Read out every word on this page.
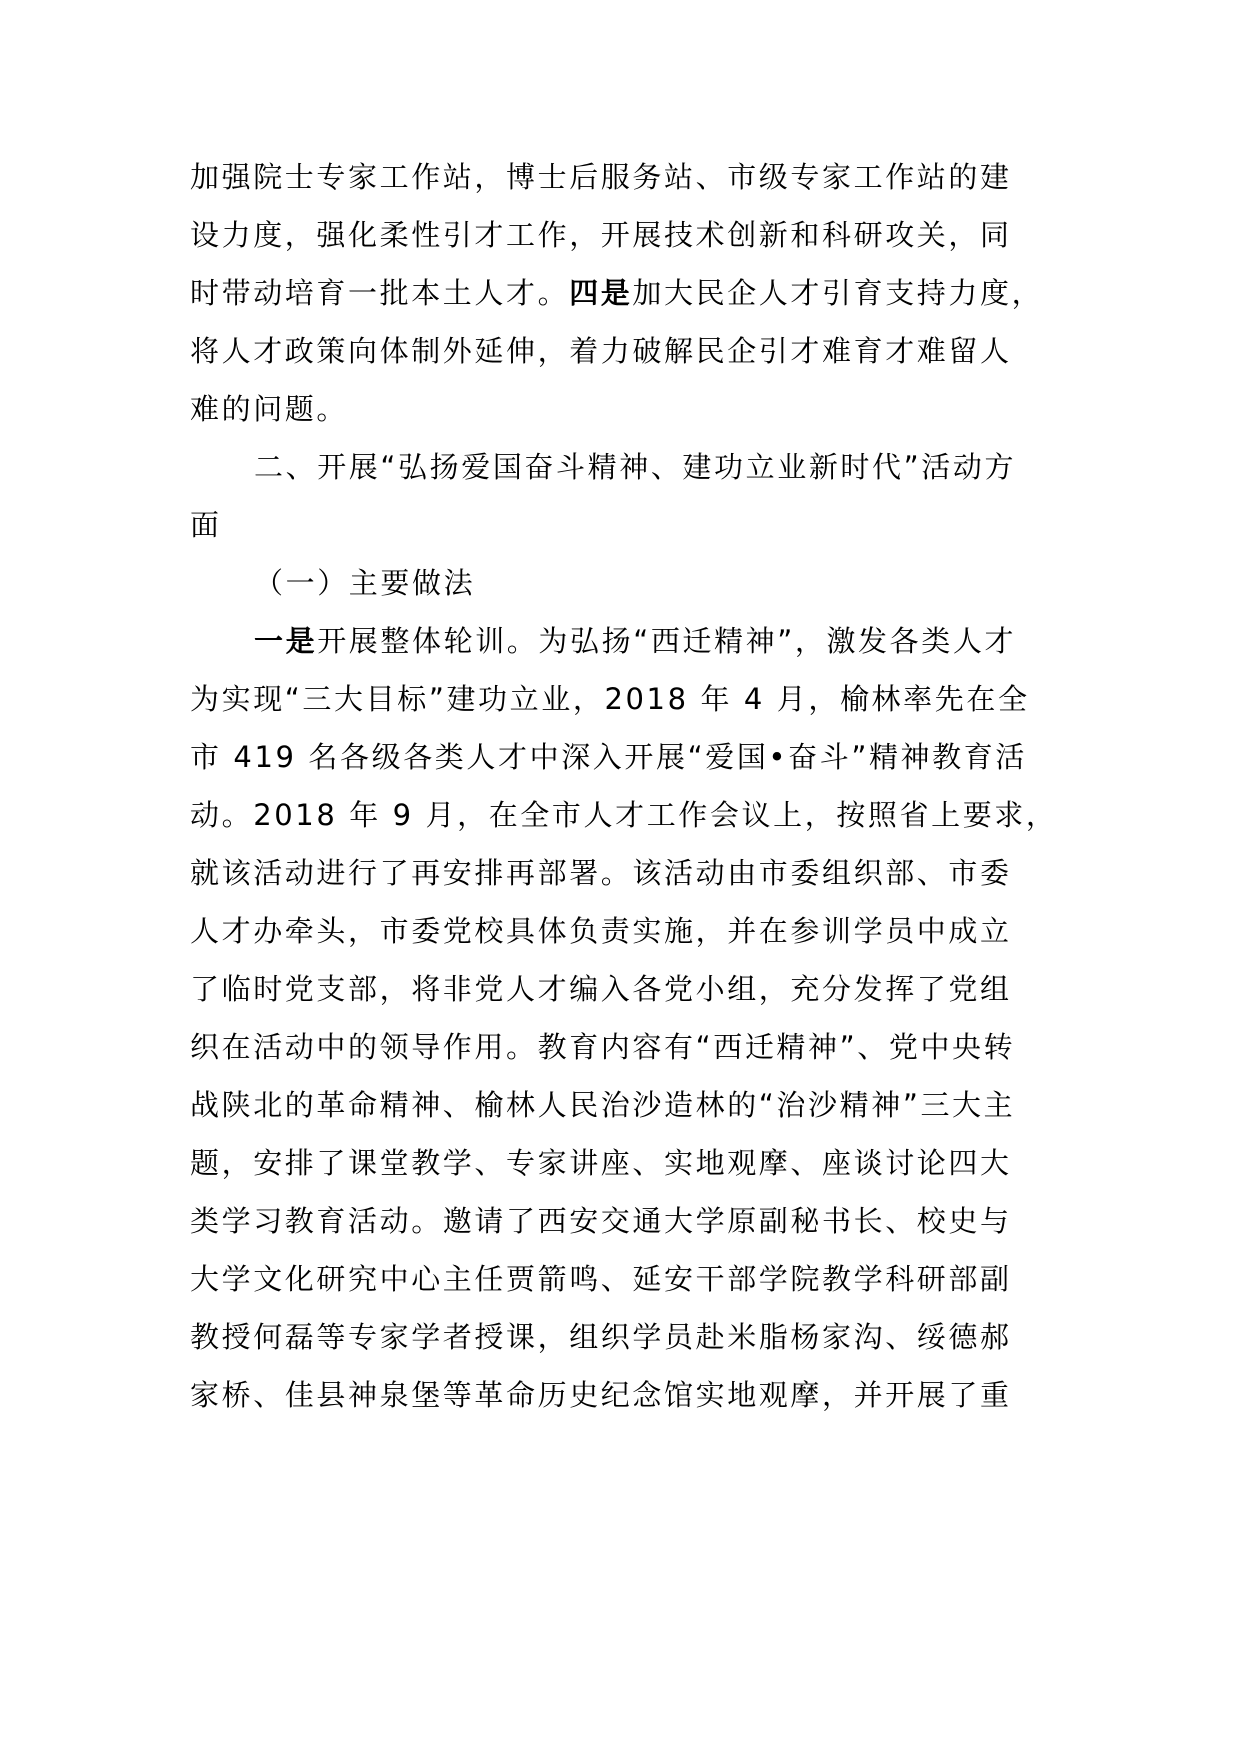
加强院士专家工作站，博士后服务站、市级专家工作站的建
设力度，强化柔性引才工作，开展技术创新和科研攻关，同
时带动培育一批本土人才。四是加大民企人才引育支持力度，
将人才政策向体制外延伸，着力破解民企引才难育才难留人
难的问题。
二、开展“弘扬爱国奋斗精神、建功立业新时代”活动方
面
（一）主要做法
一是开展整体轮训。为弘扬“西迁精神”，激发各类人才
为实现“三大目标”建功立业，2018 年 4 月，榆林率先在全
市 419 名各级各类人才中深入开展“爱国•奋斗”精神教育活
动。2018 年 9 月，在全市人才工作会议上，按照省上要求，
就该活动进行了再安排再部署。该活动由市委组织部、市委
人才办牵头，市委党校具体负责实施，并在参训学员中成立
了临时党支部，将非党人才编入各党小组，充分发挥了党组
织在活动中的领导作用。教育内容有“西迁精神”、党中央转
战陕北的革命精神、榆林人民治沙造林的“治沙精神”三大主
题，安排了课堂教学、专家讲座、实地观摩、座谈讨论四大
类学习教育活动。邀请了西安交通大学原副秘书长、校史与
大学文化研究中心主任贾箭鸣、延安干部学院教学科研部副
教授何磊等专家学者授课，组织学员赴米脂杨家沟、绥德郝
家桥、佳县神泉堡等革命历史纪念馆实地观摩，并开展了重
